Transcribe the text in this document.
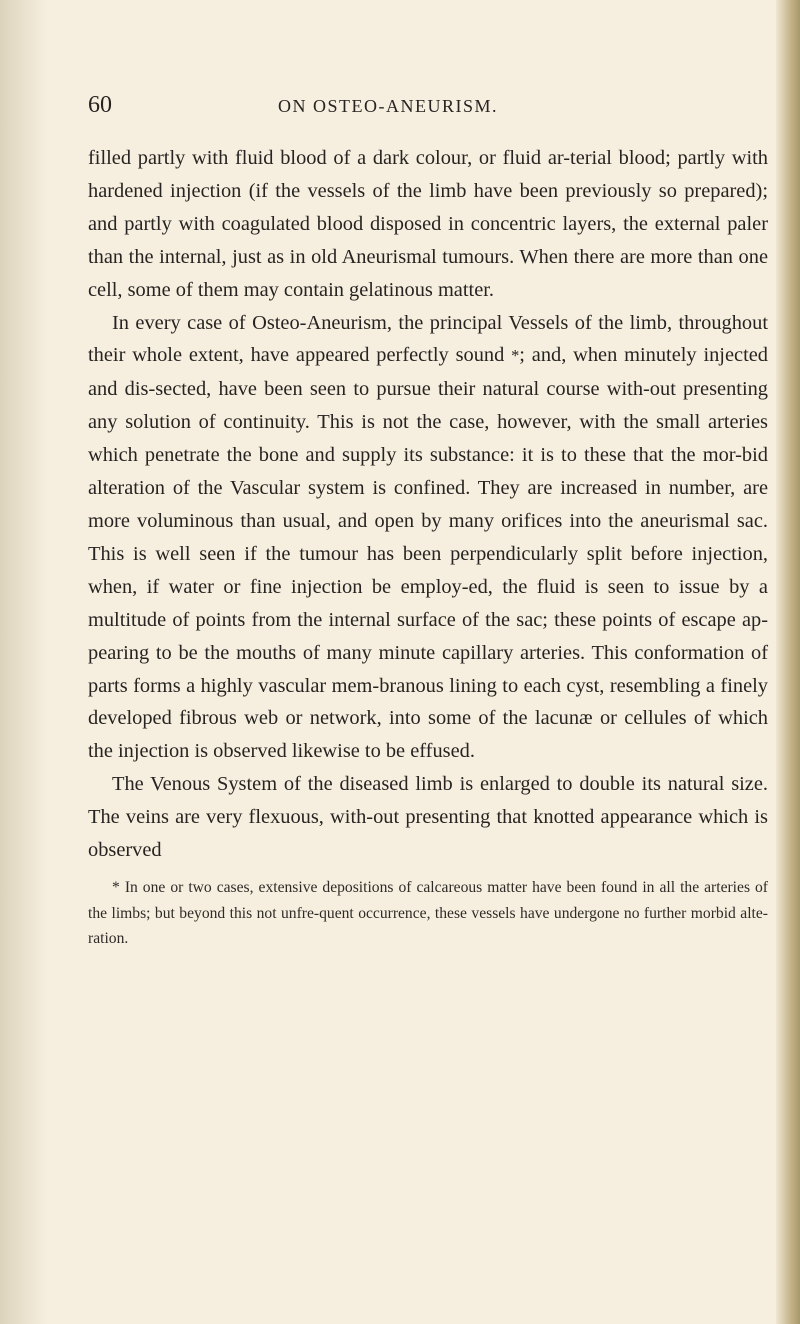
60	ON OSTEO-ANEURISM.

filled partly with fluid blood of a dark colour, or fluid ar-terial blood; partly with hardened injection (if the vessels of the limb have been previously so prepared); and partly with coagulated blood disposed in concentric layers, the external paler than the internal, just as in old Aneurismal tumours. When there are more than one cell, some of them may contain gelatinous matter.

In every case of Osteo-Aneurism, the principal Vessels of the limb, throughout their whole extent, have appeared perfectly sound *; and, when minutely injected and dis-sected, have been seen to pursue their natural course with-out presenting any solution of continuity. This is not the case, however, with the small arteries which penetrate the bone and supply its substance: it is to these that the mor-bid alteration of the Vascular system is confined. They are increased in number, are more voluminous than usual, and open by many orifices into the aneurismal sac. This is well seen if the tumour has been perpendicularly split before injection, when, if water or fine injection be employ-ed, the fluid is seen to issue by a multitude of points from the internal surface of the sac; these points of escape ap-pearing to be the mouths of many minute capillary arteries. This conformation of parts forms a highly vascular mem-branous lining to each cyst, resembling a finely developed fibrous web or network, into some of the lacunæ or cellules of which the injection is observed likewise to be effused.

The Venous System of the diseased limb is enlarged to double its natural size. The veins are very flexuous, with-out presenting that knotted appearance which is observed

* In one or two cases, extensive depositions of calcareous matter have been found in all the arteries of the limbs; but beyond this not unfre-quent occurrence, these vessels have undergone no further morbid alte-ration.
